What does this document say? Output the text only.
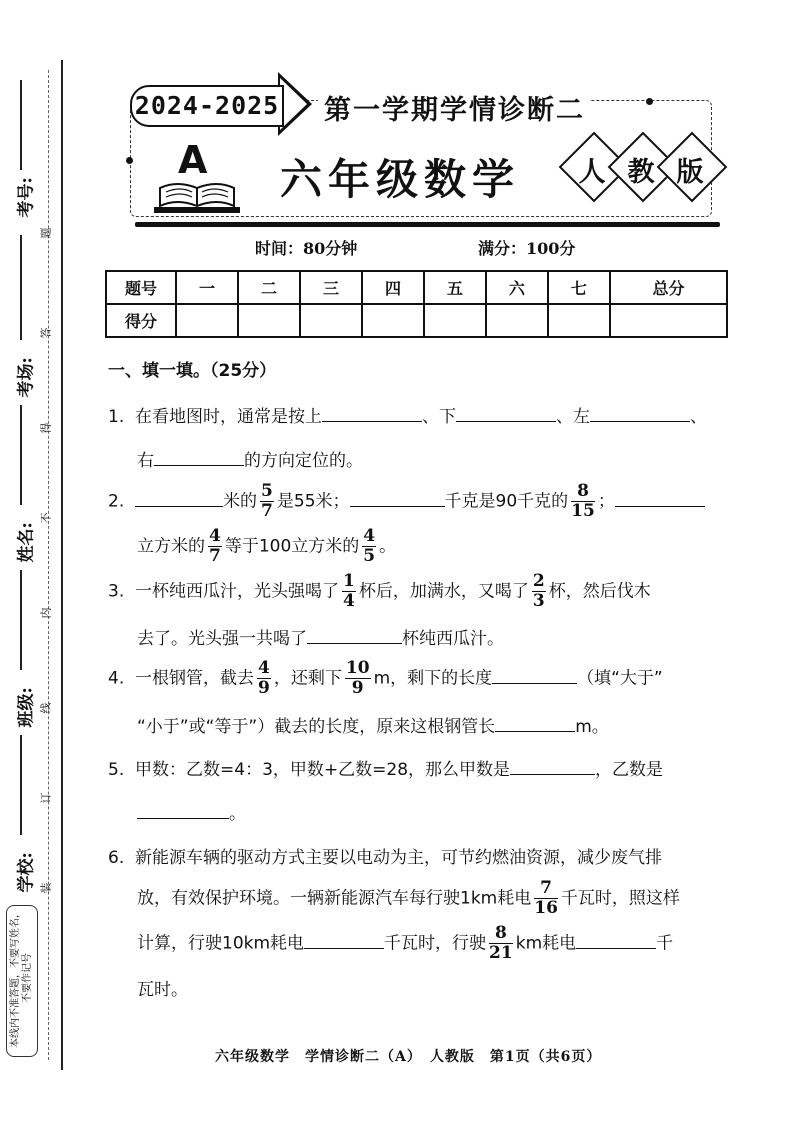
考号:
考场:
姓名:
班级:
学校:
题
答
得
不
内
线
订
装
本线内不准答题，不要写姓名，不要作记号
2024-2025 第一学期学情诊断二
A 六年级数学	人 教 版
时间：80分钟	满分：100分
题号	一	二	三	四	五	六	七	总分
得分								
一、填一填。（25分）
1. 在看地图时，通常是按上	、下	、左	、
右	的方向定位的。
2.	米的 $\frac{5}{7}$ 是55米；	千克是90千克的 $\frac{8}{15}$ ；
立方米的 $\frac{4}{7}$ 等于100立方米的 $\frac{4}{5}$ 。
3. 一杯纯西瓜汁，光头强喝了 $\frac{1}{4}$ 杯后，加满水，又喝了 $\frac{2}{3}$ 杯，然后伐木
去了。光头强一共喝了	杯纯西瓜汁。
4. 一根钢管，截去 $\frac{4}{9}$ ，还剩下 $\frac{10}{9}$ m，剩下的长度	（填“大于”
“小于”或“等于”）截去的长度，原来这根钢管长	m。
5. 甲数：乙数=4：3，甲数+乙数=28，那么甲数是	，乙数是
。
6. 新能源车辆的驱动方式主要以电动为主，可节约燃油资源，减少废气排
放，有效保护环境。一辆新能源汽车每行驶1km耗电 $\frac{7}{16}$ 千瓦时，照这样
计算，行驶10km耗电	千瓦时，行驶 $\frac{8}{21}$ km耗电	千
瓦时。
六年级数学　学情诊断二（A）　人教版　第1页（共6页）
